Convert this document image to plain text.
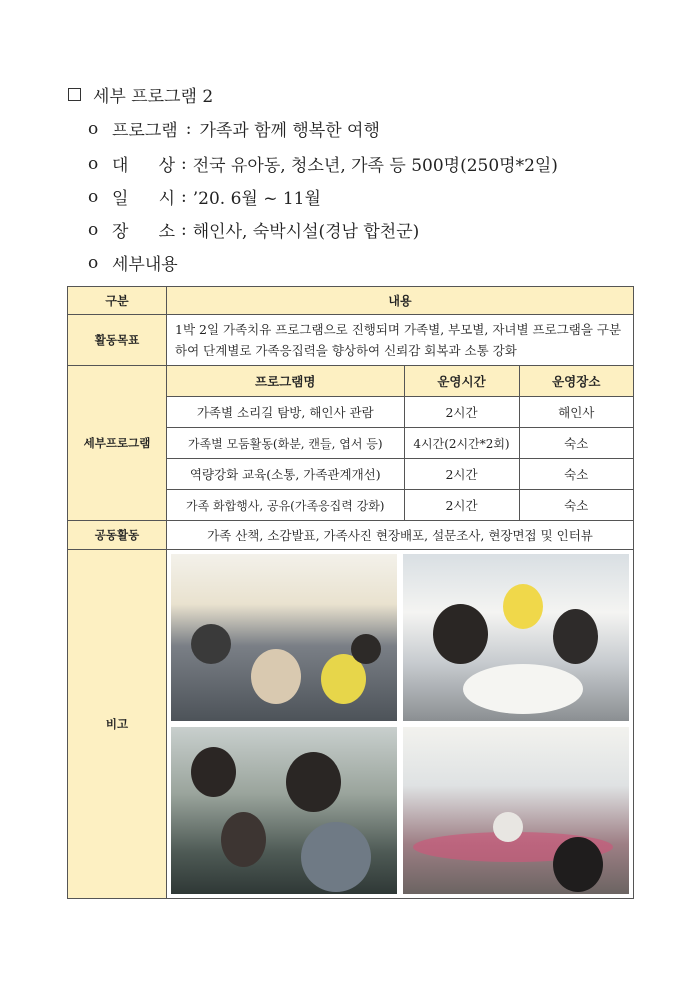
세부 프로그램 2
o 프로그램 : 가족과 함께 행복한 여행
o 대 상 : 전국 유아동, 청소년, 가족 등 500명(250명*2일)
o 일 시 : ’20. 6월 ~ 11월
o 장 소 : 해인사, 숙박시설(경남 합천군)
o 세부내용
구분	내용
활동목표	1박 2일 가족치유 프로그램으로 진행되며 가족별, 부모별, 자녀별 프로그램을 구분하여 단계별로 가족응집력을 향상하여 신뢰감 회복과 소통 강화
세부프로그램	
프로그램명	운영시간	운영장소
가족별 소리길 탐방, 해인사 관람	2시간	해인사
가족별 모둠활동(화분, 캔들, 엽서 등)	4시간(2시간*2회)	숙소
역량강화 교육(소통, 가족관계개선)	2시간	숙소
가족 화합행사, 공유(가족응집력 강화)	2시간	숙소

공동활동	가족 산책, 소감발표, 가족사진 현장배포, 설문조사, 현장면접 및 인터뷰
비고	
